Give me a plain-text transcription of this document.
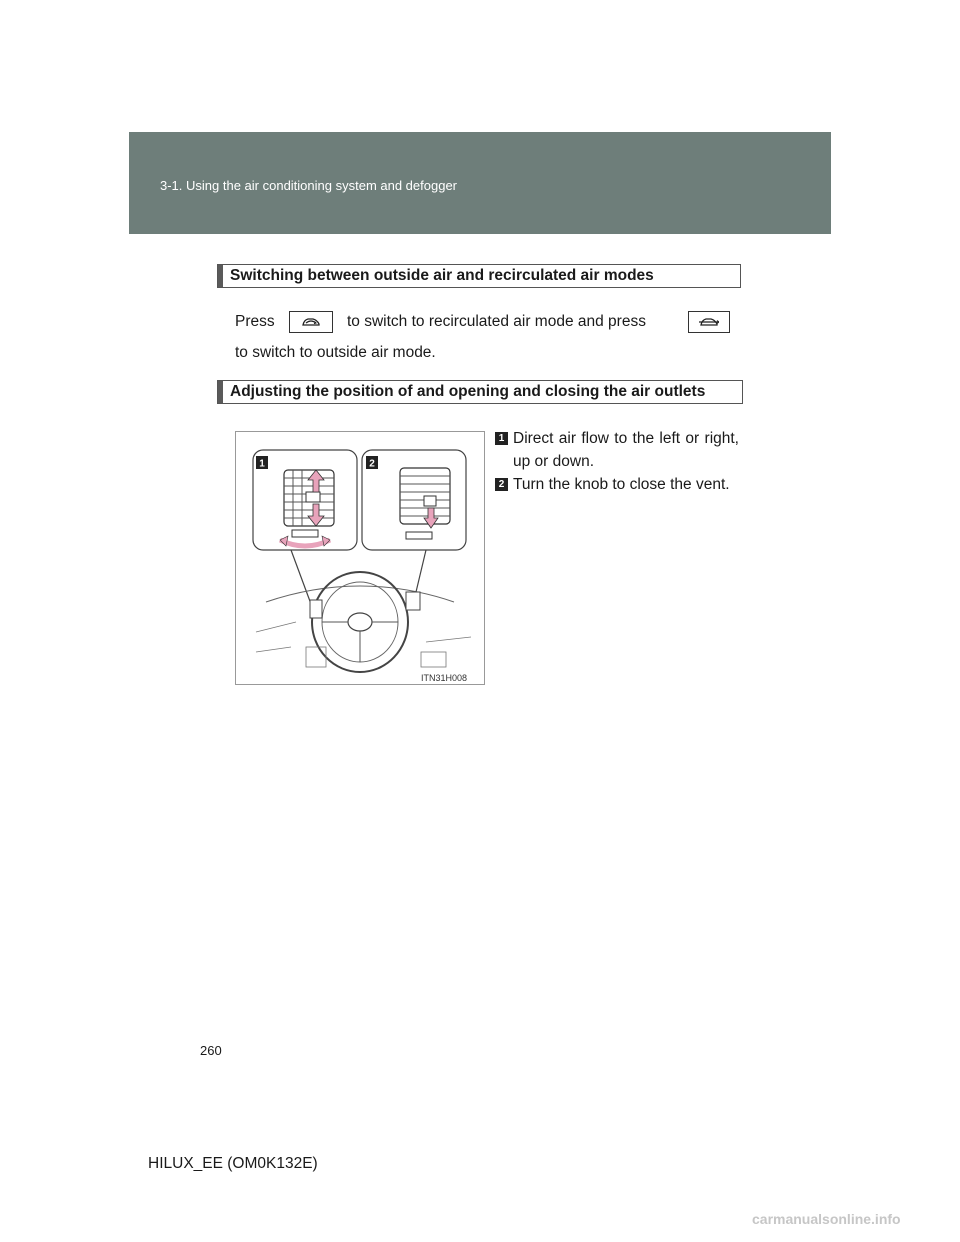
3-1. Using the air conditioning system and defogger
Switching between outside air and recirculated air modes
Press	to switch to recirculated air mode and press
to switch to outside air mode.
Adjusting the position of and opening and closing the air outlets
1	2
ITN31H008
1 Direct air flow to the left or right, up or down.
2 Turn the knob to close the vent.
260
HILUX_EE (OM0K132E)
carmanualsonline.info
